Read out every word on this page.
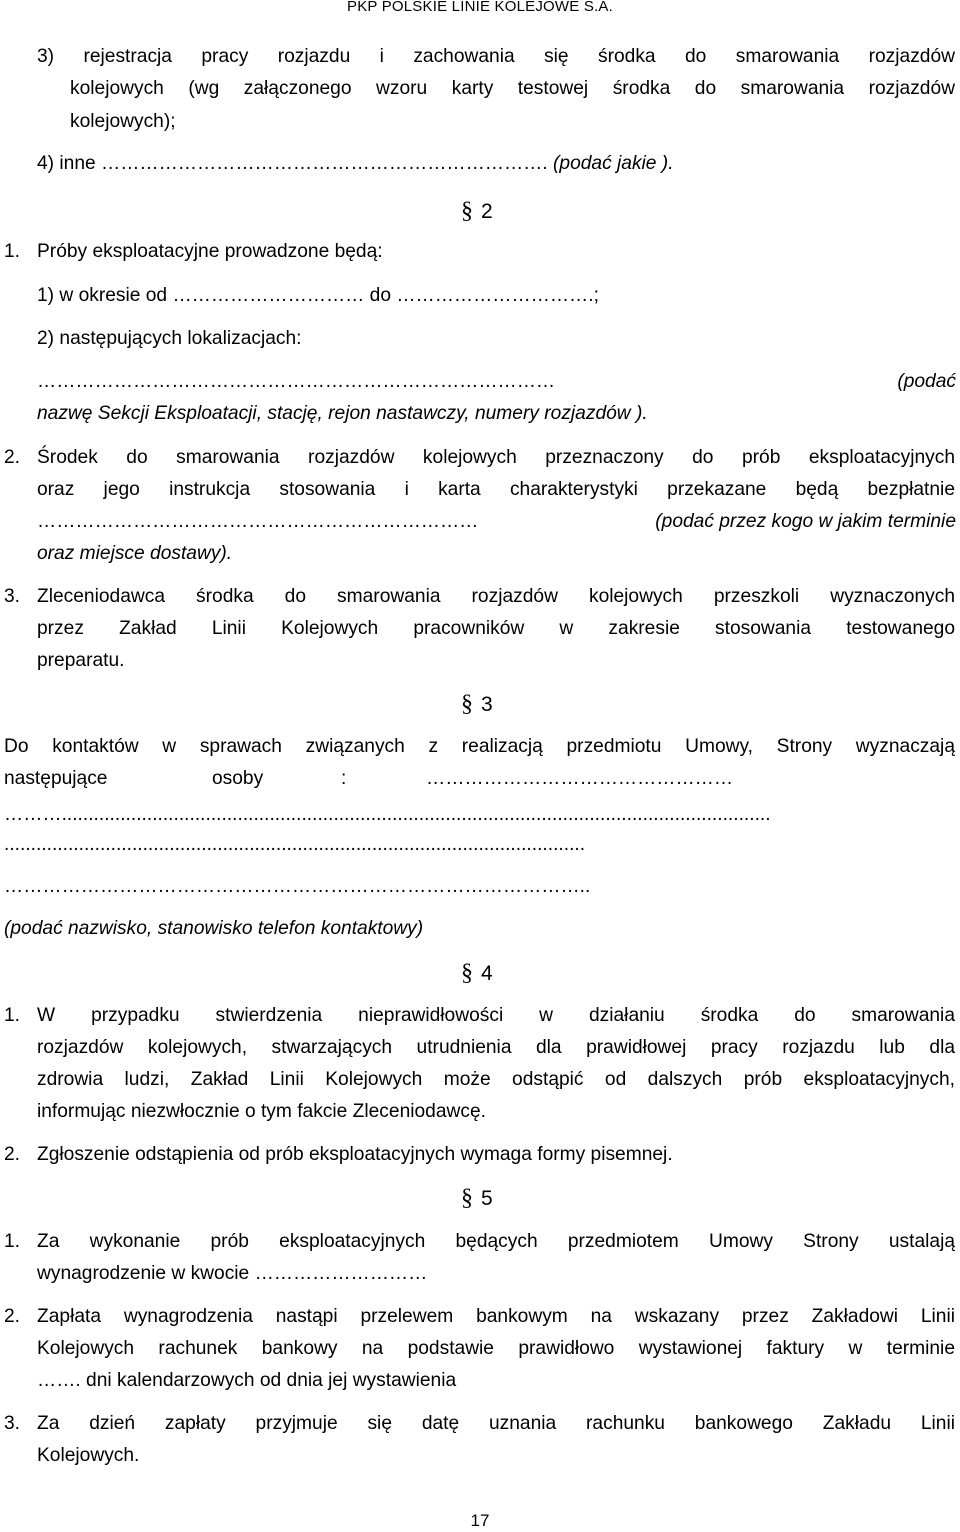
PKP POLSKIE LINIE KOLEJOWE S.A.
3) rejestracja pracy rozjazdu i zachowania się środka do smarowania rozjazdów
kolejowych (wg załączonego wzoru karty testowej środka do smarowania rozjazdów
kolejowych);
4) inne ……………………………………………………………. (podać jakie ).
§ 2
1. Próby eksploatacyjne prowadzone będą:
1) w okresie od ………………………… do ………………………….;
2) następujących lokalizacjach:
………………………………………………………………………	(podać
nazwę Sekcji Eksploatacji, stację, rejon nastawczy, numery rozjazdów ).
2. Środek do smarowania rozjazdów kolejowych przeznaczony do prób eksploatacyjnych
oraz jego instrukcja stosowania i karta charakterystyki przekazane będą bezpłatnie
……………………………………………………………	(podać przez kogo w jakim terminie
oraz miejsce dostawy).
3. Zleceniodawca środka do smarowania rozjazdów kolejowych przeszkoli wyznaczonych
przez Zakład Linii Kolejowych pracowników w zakresie stosowania testowanego
preparatu.
§ 3
Do kontaktów w sprawach związanych z realizacją przedmiotu Umowy, Strony wyznaczają
następujące	osoby	:	…………………………………………
……….....................................................................................................................................
.............................................................................................................
………………………………………………………………………………..
(podać nazwisko, stanowisko telefon kontaktowy)
§ 4
1. W przypadku stwierdzenia nieprawidłowości w działaniu środka do smarowania
rozjazdów kolejowych, stwarzających utrudnienia dla prawidłowej pracy rozjazdu lub dla
zdrowia ludzi, Zakład Linii Kolejowych może odstąpić od dalszych prób eksploatacyjnych,
informując niezwłocznie o tym fakcie Zleceniodawcę.
2. Zgłoszenie odstąpienia od prób eksploatacyjnych wymaga formy pisemnej.
§ 5
1. Za wykonanie prób eksploatacyjnych będących przedmiotem Umowy Strony ustalają
wynagrodzenie w kwocie ………………………
2. Zapłata wynagrodzenia nastąpi przelewem bankowym na wskazany przez Zakładowi Linii
Kolejowych rachunek bankowy na podstawie prawidłowo wystawionej faktury w terminie
……. dni kalendarzowych od dnia jej wystawienia
3. Za dzień zapłaty przyjmuje się datę uznania rachunku bankowego Zakładu Linii
Kolejowych.
17
